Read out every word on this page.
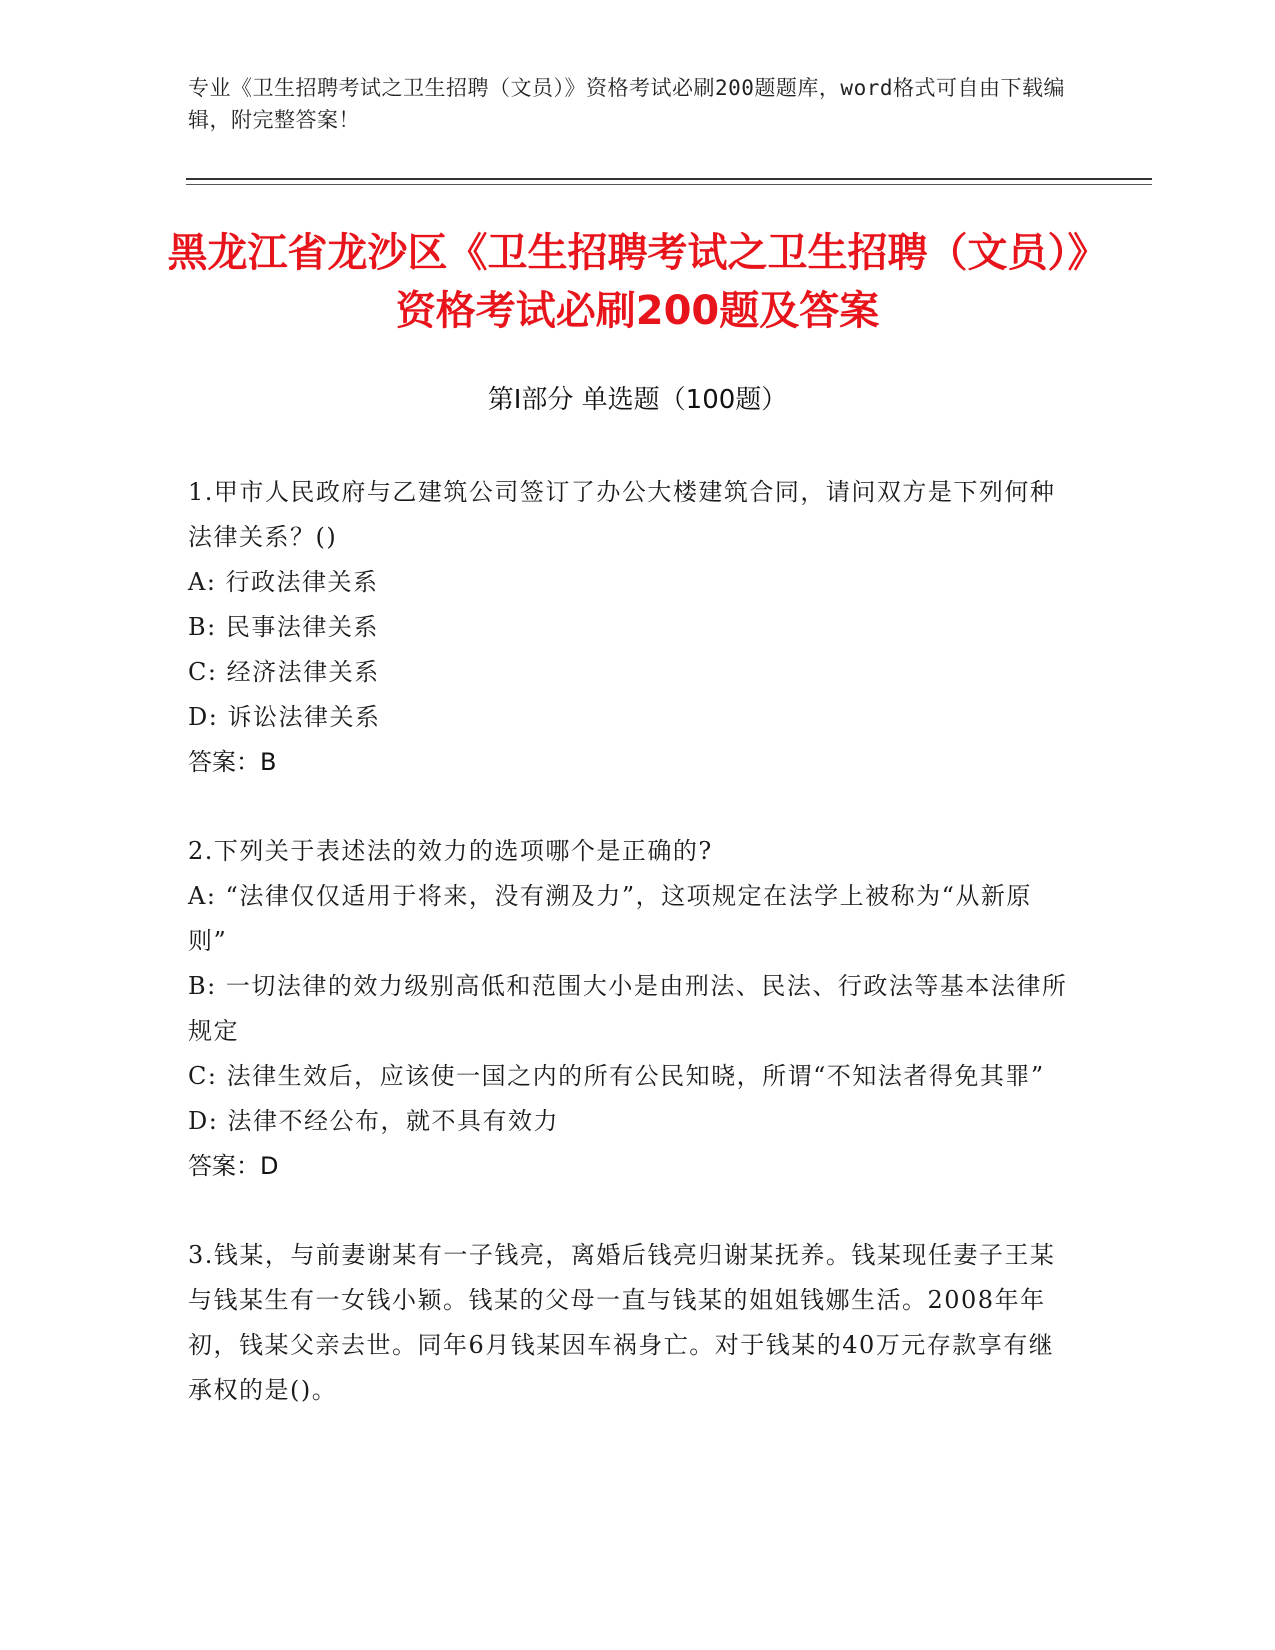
专业《卫生招聘考试之卫生招聘（文员）》资格考试必刷200题题库，word格式可自由下载编辑，附完整答案！
黑龙江省龙沙区《卫生招聘考试之卫生招聘（文员）》资格考试必刷200题及答案
第I部分 单选题（100题）
1.甲市人民政府与乙建筑公司签订了办公大楼建筑合同，请问双方是下列何种法律关系？()
A: 行政法律关系
B: 民事法律关系
C: 经济法律关系
D: 诉讼法律关系
答案：B
2.下列关于表述法的效力的选项哪个是正确的?
A: “法律仅仅适用于将来，没有溯及力”，这项规定在法学上被称为“从新原则”
B: 一切法律的效力级别高低和范围大小是由刑法、民法、行政法等基本法律所规定
C: 法律生效后，应该使一国之内的所有公民知晓，所谓“不知法者得免其罪”
D: 法律不经公布，就不具有效力
答案：D
3.钱某，与前妻谢某有一子钱亮，离婚后钱亮归谢某抚养。钱某现任妻子王某与钱某生有一女钱小颖。钱某的父母一直与钱某的姐姐钱娜生活。2008年年初，钱某父亲去世。同年6月钱某因车祸身亡。对于钱某的40万元存款享有继承权的是()。
